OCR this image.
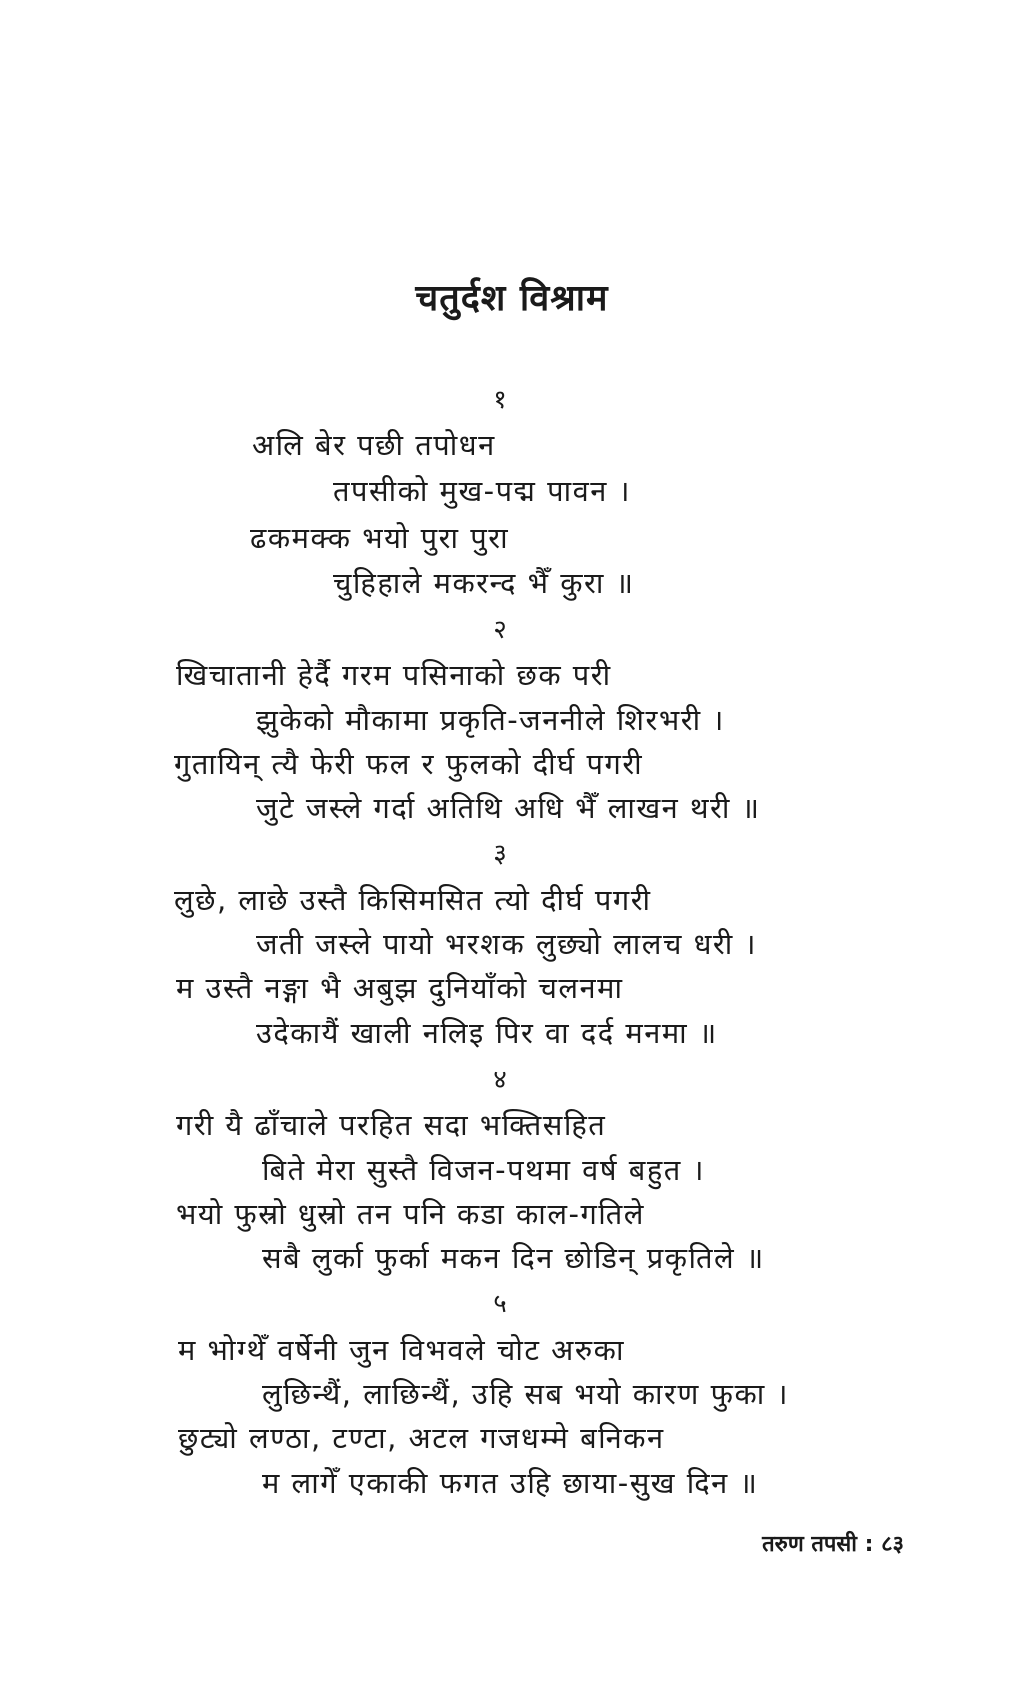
चतुर्दश विश्राम
१
अलि बेर पछी तपोधन
तपसीको मुख-पद्म पावन ।
ढकमक्क भयो पुरा पुरा
चुहिहाले मकरन्द भैँ कुरा ॥
२
खिचातानी हेर्दै गरम पसिनाको छक परी
झुकेको मौकामा प्रकृति-जननीले शिरभरी ।
गुतायिन् त्यै फेरी फल र फुलको दीर्घ पगरी
जुटे जस्ले गर्दा अतिथि अधि भैँ लाखन थरी ॥
३
लुछे, लाछे उस्तै किसिमसित त्यो दीर्घ पगरी
जती जस्ले पायो भरशक लुछ्यो लालच धरी ।
म उस्तै नङ्गा भै अबुझ दुनियाँको चलनमा
उदेकायैं खाली नलिइ पिर वा दर्द मनमा ॥
४
गरी यै ढाँचाले परहित सदा भक्तिसहित
बिते मेरा सुस्तै विजन-पथमा वर्ष बहुत ।
भयो फुस्रो धुस्रो तन पनि कडा काल-गतिले
सबै लुर्का फुर्का मकन दिन छोडिन् प्रकृतिले ॥
५
म भोग्थेँ वर्षेनी जुन विभवले चोट अरुका
लुछिन्थैं, लाछिन्थैं, उहि सब भयो कारण फुका ।
छुट्यो लण्ठा, टण्टा, अटल गजधम्मे बनिकन
म लागेँ एकाकी फगत उहि छाया-सुख दिन ॥
तरुण तपसी : ८३
